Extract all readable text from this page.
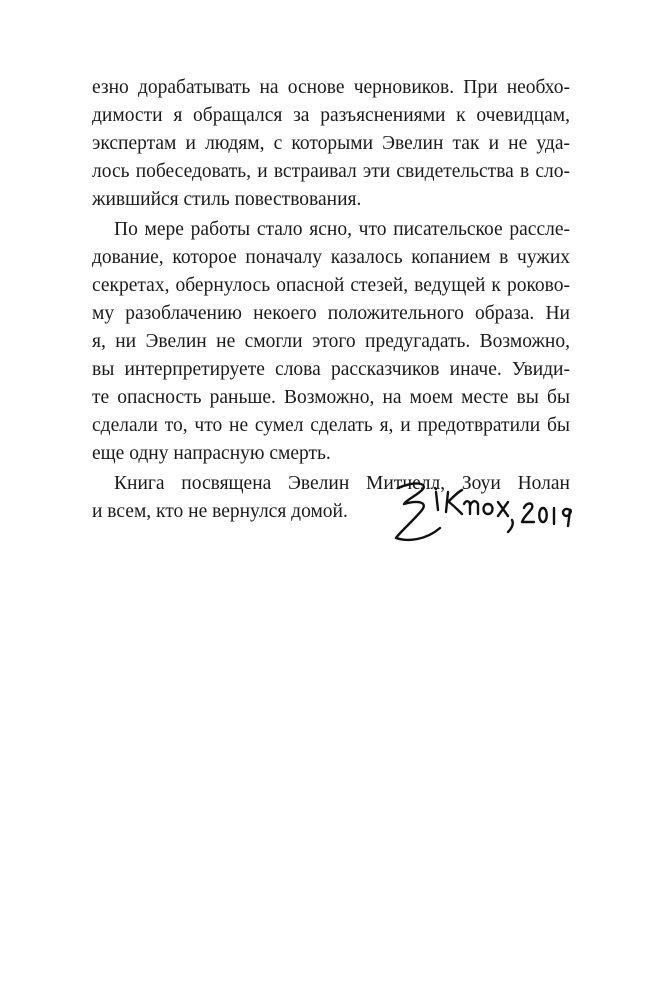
езно дорабатывать на основе черновиков. При необхо-
димости я обращался за разъяснениями к очевидцам,
экспертам и людям, с которыми Эвелин так и не уда-
лось побеседовать, и встраивал эти свидетельства в сло-
жившийся стиль повествования.
По мере работы стало ясно, что писательское рассле-
дование, которое поначалу казалось копанием в чужих
секретах, обернулось опасной стезей, ведущей к роково-
му разоблачению некоего положительного образа. Ни
я, ни Эвелин не смогли этого предугадать. Возможно,
вы интерпретируете слова рассказчиков иначе. Увиди-
те опасность раньше. Возможно, на моем месте вы бы
сделали то, что не сумел сделать я, и предотвратили бы
еще одну напрасную смерть.
Книга посвящена Эвелин Митчелл, Зоуи Нолан
и всем, кто не вернулся домой.
